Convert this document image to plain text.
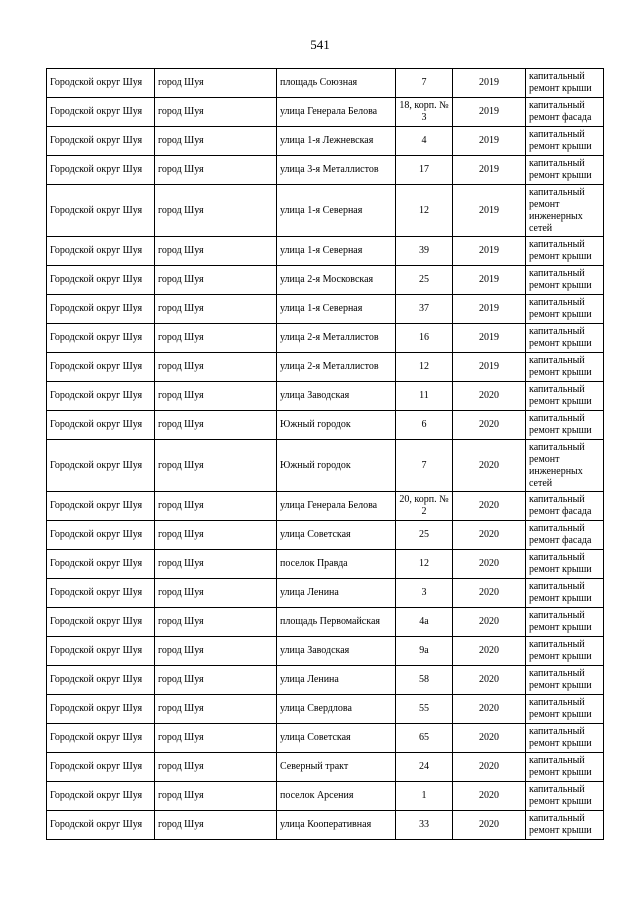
541
Городской округ Шуя	город Шуя	площадь Союзная	7	2019	капитальный ремонт крыши
Городской округ Шуя	город Шуя	улица Генерала Белова	18, корп. № 3	2019	капитальный ремонт фасада
Городской округ Шуя	город Шуя	улица 1-я Лежневская	4	2019	капитальный ремонт крыши
Городской округ Шуя	город Шуя	улица 3-я Металлистов	17	2019	капитальный ремонт крыши
Городской округ Шуя	город Шуя	улица 1-я Северная	12	2019	капитальный ремонт инженерных сетей
Городской округ Шуя	город Шуя	улица 1-я Северная	39	2019	капитальный ремонт крыши
Городской округ Шуя	город Шуя	улица 2-я Московская	25	2019	капитальный ремонт крыши
Городской округ Шуя	город Шуя	улица 1-я Северная	37	2019	капитальный ремонт крыши
Городской округ Шуя	город Шуя	улица 2-я Металлистов	16	2019	капитальный ремонт крыши
Городской округ Шуя	город Шуя	улица 2-я Металлистов	12	2019	капитальный ремонт крыши
Городской округ Шуя	город Шуя	улица Заводская	11	2020	капитальный ремонт крыши
Городской округ Шуя	город Шуя	Южный городок	6	2020	капитальный ремонт крыши
Городской округ Шуя	город Шуя	Южный городок	7	2020	капитальный ремонт инженерных сетей
Городской округ Шуя	город Шуя	улица Генерала Белова	20, корп. № 2	2020	капитальный ремонт фасада
Городской округ Шуя	город Шуя	улица Советская	25	2020	капитальный ремонт фасада
Городской округ Шуя	город Шуя	поселок Правда	12	2020	капитальный ремонт крыши
Городской округ Шуя	город Шуя	улица Ленина	3	2020	капитальный ремонт крыши
Городской округ Шуя	город Шуя	площадь Первомайская	4а	2020	капитальный ремонт крыши
Городской округ Шуя	город Шуя	улица Заводская	9а	2020	капитальный ремонт крыши
Городской округ Шуя	город Шуя	улица Ленина	58	2020	капитальный ремонт крыши
Городской округ Шуя	город Шуя	улица Свердлова	55	2020	капитальный ремонт крыши
Городской округ Шуя	город Шуя	улица Советская	65	2020	капитальный ремонт крыши
Городской округ Шуя	город Шуя	Северный тракт	24	2020	капитальный ремонт крыши
Городской округ Шуя	город Шуя	поселок Арсения	1	2020	капитальный ремонт крыши
Городской округ Шуя	город Шуя	улица Кооперативная	33	2020	капитальный ремонт крыши
